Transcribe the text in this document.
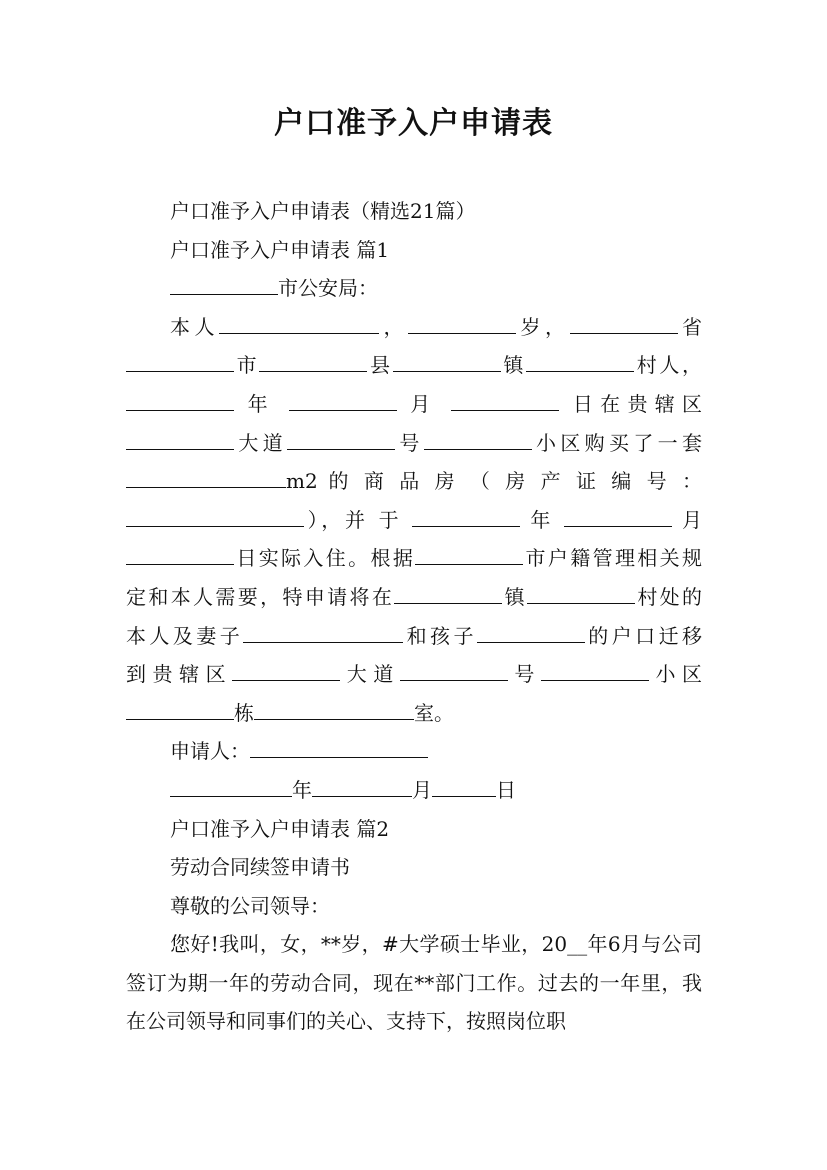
户口准予入户申请表

户口准予入户申请表（精选21篇）

户口准予入户申请表 篇1

市公安局：

本人	，	岁，	省

市	县	镇	村人，

年	月	日在贵辖区

大道	号	小区购买了一套

m2 的 商 品 房 （ 房 产 证 编 号 ：

），并 于	年	月

日实际入住。根据	市户籍管理相关规

定和本人需要，特申请将在	镇	村处的

本人及妻子	和孩子	的户口迁移

到贵辖区	大道	号	小区

栋	室。

申请人：

年	月	日

户口准予入户申请表 篇2

劳动合同续签申请书

尊敬的公司领导：

您好!我叫，女，**岁，#大学硕士毕业，20__年6月与公司签订为期一年的劳动合同，现在**部门工作。过去的一年里，我在公司领导和同事们的关心、支持下，按照岗位职
